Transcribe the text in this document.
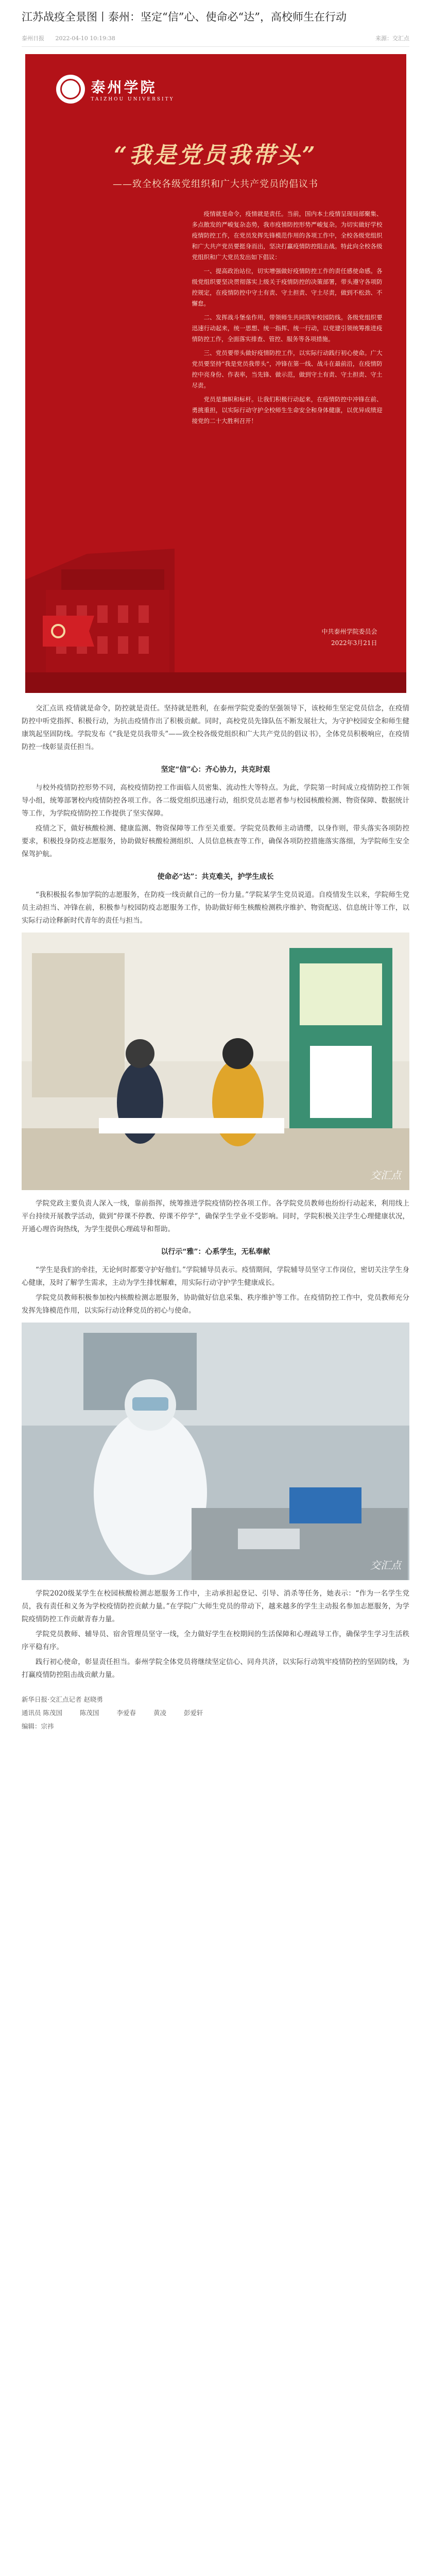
江苏战疫全景图丨泰州：坚定“信”心、使命必“达”，高校师生在行动
泰州日报 2022-04-10 10:19:38	来源：交汇点
泰州学院
TAIZHOU UNIVERSITY
“我是党员我带头”
——致全校各级党组织和广大共产党员的倡议书

疫情就是命令，疫情就是责任。当前，国内本土疫情呈现局部聚集、多点散发的严峻复杂态势，我市疫情防控形势严峻复杂。为切实做好学校疫情防控工作，在党员发挥先锋模范作用的各项工作中，全校各级党组织和广大共产党员要挺身而出，坚决打赢疫情防控阻击战。特此向全校各级党组织和广大党员发出如下倡议：

一、提高政治站位，切实增强做好疫情防控工作的责任感使命感。各级党组织要坚决贯彻落实上级关于疫情防控的决策部署，带头遵守各项防控规定，在疫情防控中守土有责、守土担责、守土尽责，做到不松劲、不懈怠。

二、发挥战斗堡垒作用，带领师生共同筑牢校园防线。各级党组织要迅速行动起来，统一思想、统一指挥、统一行动，以党建引领统筹推进疫情防控工作，全面落实排查、管控、服务等各项措施。

三、党员要带头做好疫情防控工作，以实际行动践行初心使命。广大党员要坚持“我是党员我带头”，冲锋在第一线、战斗在最前沿，在疫情防控中亮身份、作表率，当先锋、做示范，做到守土有责、守土担责、守土尽责。

党员是旗帜和标杆。让我们积极行动起来，在疫情防控中冲锋在前、勇挑重担，以实际行动守护全校师生生命安全和身体健康，以优异成绩迎接党的二十大胜利召开！

中共泰州学院委员会
2022年3月21日

交汇点讯 疫情就是命令，防控就是责任。坚持就是胜利，在泰州学院党委的坚强领导下，该校师生坚定党员信念，在疫情防控中听党指挥、积极行动，为抗击疫情作出了积极贡献。同时，高校党员先锋队伍不断发展壮大，为守护校园安全和师生健康筑起坚固防线。学院发布《“我是党员我带头”——致全校各级党组织和广大共产党员的倡议书》，全体党员积极响应，在疫情防控一线彰显责任担当。

坚定“信”心：齐心协力，共克时艰

与校外疫情防控形势不同，高校疫情防控工作面临人员密集、流动性大等特点。为此，学院第一时间成立疫情防控工作领导小组，统筹部署校内疫情防控各项工作。各二级党组织迅速行动，组织党员志愿者参与校园核酸检测、物资保障、数据统计等工作，为学院疫情防控工作提供了坚实保障。

疫情之下，做好核酸检测、健康监测、物资保障等工作至关重要。学院党员教师主动请缨，以身作则，带头落实各项防控要求，积极投身防疫志愿服务，协助做好核酸检测组织、人员信息核查等工作，确保各项防控措施落实落细，为学院师生安全保驾护航。

使命必“达”：共克难关，护学生成长

“我积极报名参加学院的志愿服务，在防疫一线贡献自己的一份力量。”学院某学生党员说道。自疫情发生以来，学院师生党员主动担当、冲锋在前，积极参与校园防疫志愿服务工作，协助做好师生核酸检测秩序维护、物资配送、信息统计等工作，以实际行动诠释新时代青年的责任与担当。

交汇点

学院党政主要负责人深入一线，靠前指挥，统筹推进学院疫情防控各项工作。各学院党员教师也纷纷行动起来，利用线上平台持续开展教学活动，做到“停课不停教、停课不停学”，确保学生学业不受影响。同时，学院积极关注学生心理健康状况，开通心理咨询热线，为学生提供心理疏导和帮助。

以行示“雅”：心系学生，无私奉献

“学生是我们的牵挂，无论何时都要守护好他们。”学院辅导员表示。疫情期间，学院辅导员坚守工作岗位，密切关注学生身心健康，及时了解学生需求，主动为学生排忧解难，用实际行动守护学生健康成长。

学院党员教师积极参加校内核酸检测志愿服务，协助做好信息采集、秩序维护等工作。在疫情防控工作中，党员教师充分发挥先锋模范作用，以实际行动诠释党员的初心与使命。

交汇点

学院2020级某学生在校园核酸检测志愿服务工作中，主动承担起登记、引导、消杀等任务，她表示：“作为一名学生党员，我有责任和义务为学校疫情防控贡献力量。”在学院广大师生党员的带动下，越来越多的学生主动报名参加志愿服务，为学院疫情防控工作贡献青春力量。

学院党员教师、辅导员、宿舍管理员坚守一线，全力做好学生在校期间的生活保障和心理疏导工作，确保学生学习生活秩序平稳有序。

践行初心使命，彰显责任担当。泰州学院全体党员将继续坚定信心、同舟共济，以实际行动筑牢疫情防控的坚固防线，为打赢疫情防控阻击战贡献力量。

新华日报·交汇点记者 赵晓勇
通讯员 陈茂国	陈茂国	李爱春	黄凌	彭爱轩
编辑：宗祎
